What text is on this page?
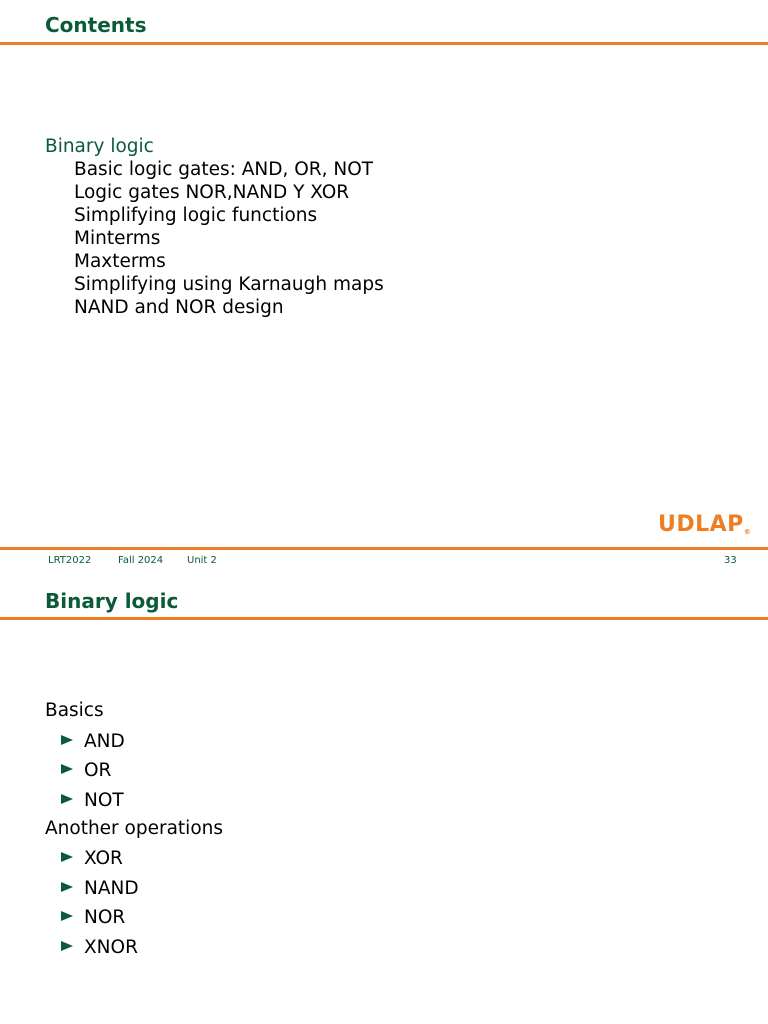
Contents
Binary logic
Basic logic gates: AND, OR, NOT
Logic gates NOR,NAND Y XOR
Simplifying logic functions
Minterms
Maxterms
Simplifying using Karnaugh maps
NAND and NOR design
UDLAP®
LRT2022	Fall 2024 Unit 2	33
Binary logic
Basics
AND
OR
NOT
Another operations
XOR
NAND
NOR
XNOR
